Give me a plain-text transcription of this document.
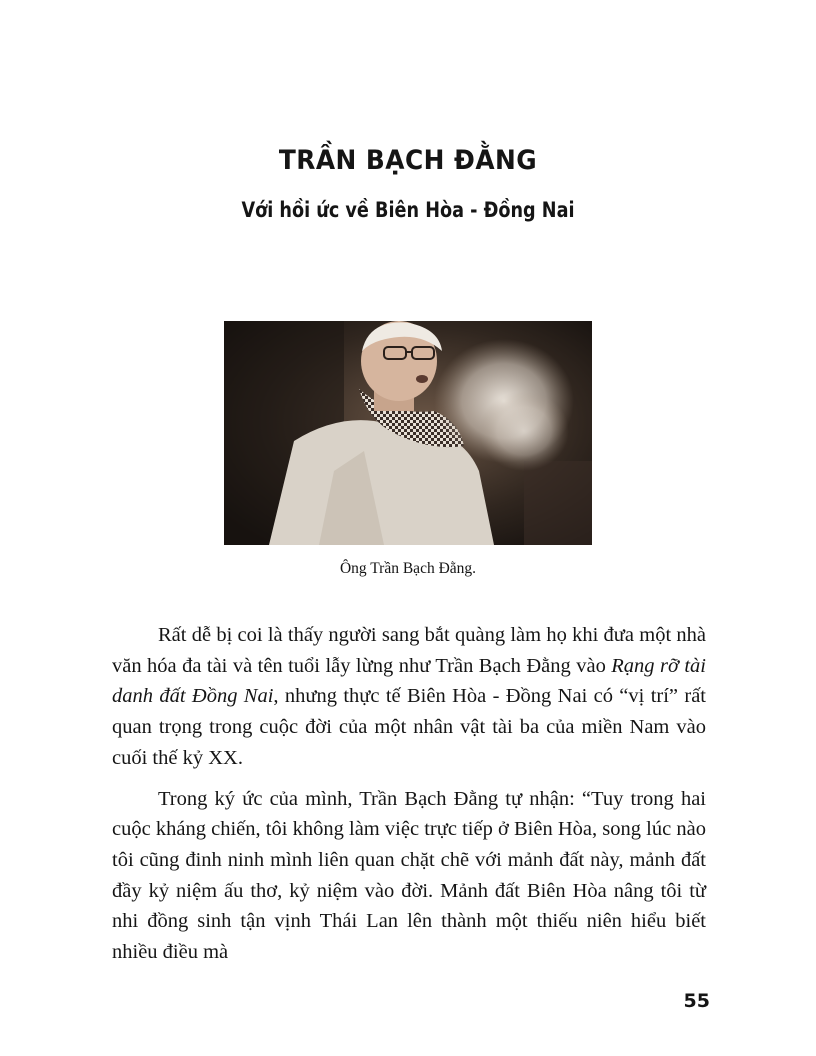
TRẦN BẠCH ĐẰNG
Với hồi ức về Biên Hòa - Đồng Nai

Ông Trần Bạch Đằng.

Rất dễ bị coi là thấy người sang bắt quàng làm họ khi đưa một nhà văn hóa đa tài và tên tuổi lẫy lừng như Trần Bạch Đằng vào Rạng rỡ tài danh đất Đồng Nai, nhưng thực tế Biên Hòa - Đồng Nai có “vị trí” rất quan trọng trong cuộc đời của một nhân vật tài ba của miền Nam vào cuối thế kỷ XX.

Trong ký ức của mình, Trần Bạch Đằng tự nhận: “Tuy trong hai cuộc kháng chiến, tôi không làm việc trực tiếp ở Biên Hòa, song lúc nào tôi cũng đinh ninh mình liên quan chặt chẽ với mảnh đất này, mảnh đất đầy kỷ niệm ấu thơ, kỷ niệm vào đời. Mảnh đất Biên Hòa nâng tôi từ nhi đồng sinh tận vịnh Thái Lan lên thành một thiếu niên hiểu biết nhiều điều mà

55
